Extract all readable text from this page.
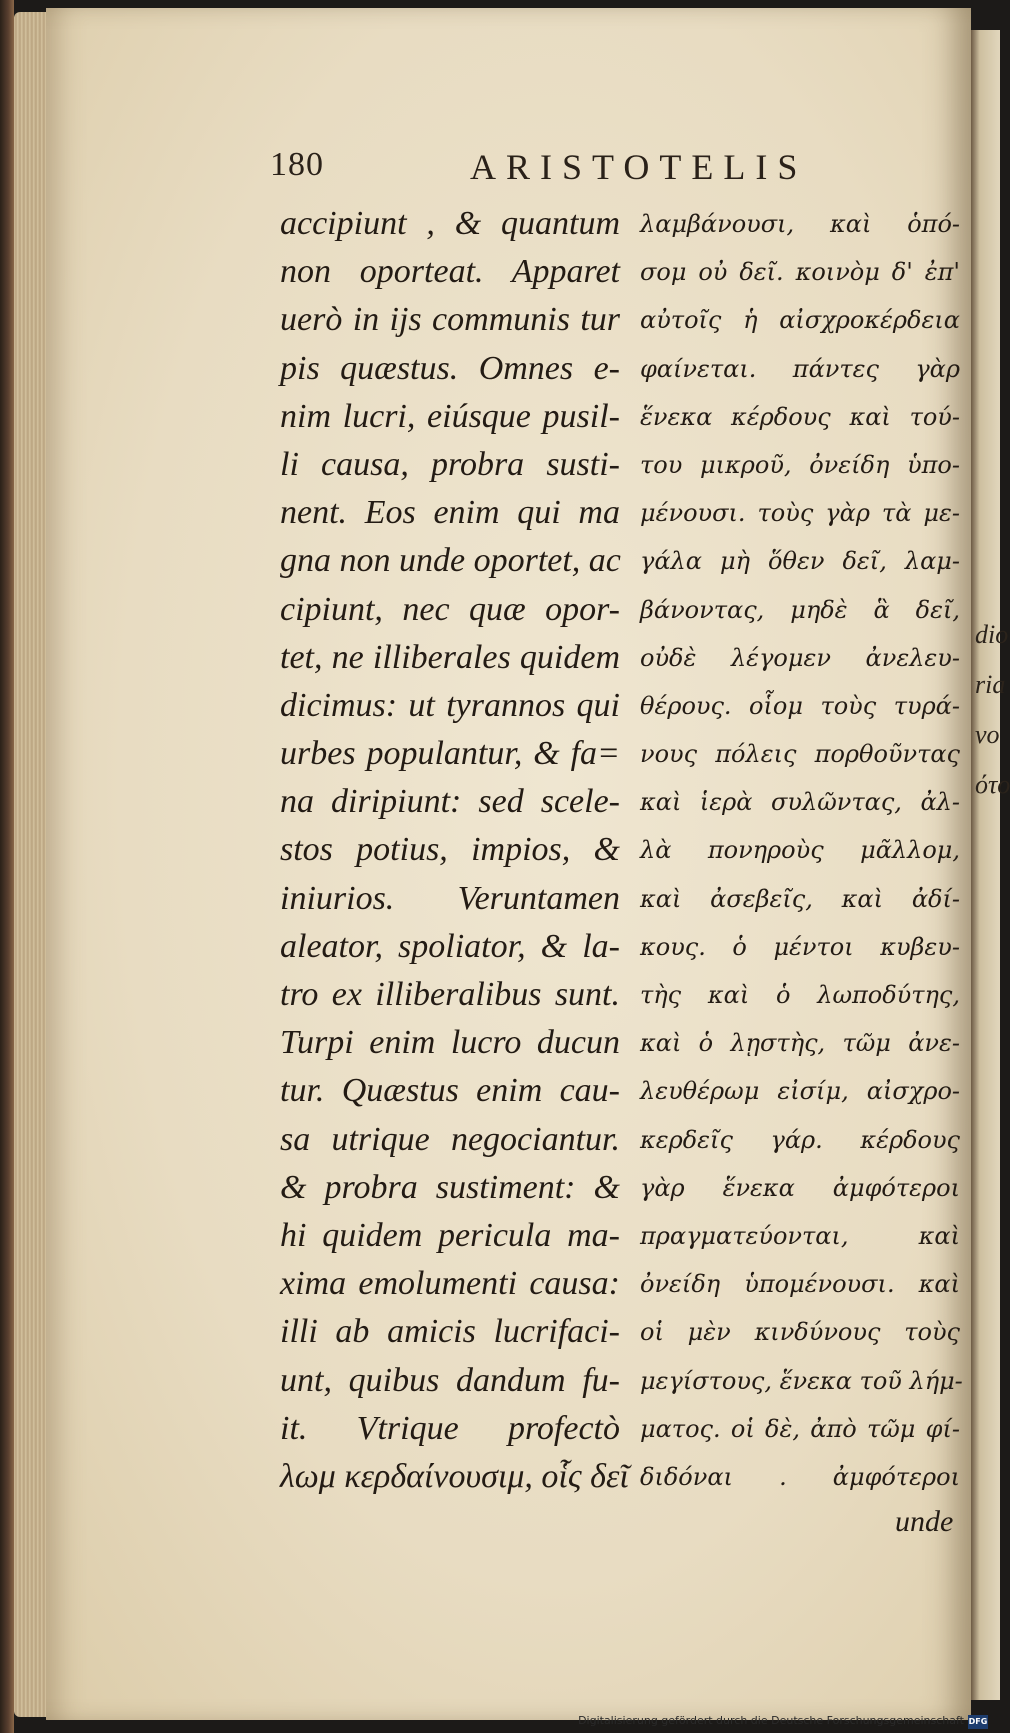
dio
ria
vo
ότο
180	ARISTOTELIS
accipiunt , & quantum
non oporteat. Apparet
uerò in ijs communis tur
pis quæstus. Omnes e-
nim lucri, eiúsque pusil-
li causa, probra susti-
nent. Eos enim qui ma
gna non unde oportet, ac
cipiunt, nec quæ opor-
tet, ne illiberales quidem
dicimus: ut tyrannos qui
urbes populantur, & fa=
na diripiunt: sed scele-
stos potius, impios, &
iniurios. Veruntamen
aleator, spoliator, & la-
tro ex illiberalibus sunt.
Turpi enim lucro ducun
tur. Quæstus enim cau-
sa utrique negociantur.
& probra sustiment: &
hi quidem pericula ma-
xima emolumenti causa:
illi ab amicis lucrifaci-
unt, quibus dandum fu-
it. Vtrique profectò
λωμ κερδαίνουσιμ, οἷς δεῖ
λαμβάνουσι, καὶ ὁπό-
σομ οὐ δεῖ. κοινὸμ δ' ἐπ'
αὐτοῖς ἡ αἰσχροκέρδεια
φαίνεται. πάντες γὰρ
ἕνεκα κέρδους καὶ τού-
του μικροῦ, ὀνείδη ὑπο-
μένουσι. τοὺς γὰρ τὰ με-
γάλα μὴ ὅθεν δεῖ, λαμ-
βάνοντας, μηδὲ ἃ δεῖ,
οὐδὲ λέγομεν ἀνελευ-
θέρους. οἷομ τοὺς τυρά-
νους πόλεις πορθοῦντας
καὶ ἱερὰ συλῶντας, ἀλ-
λὰ πονηροὺς μᾶλλομ,
καὶ ἀσεβεῖς, καὶ ἀδί-
κους. ὁ μέντοι κυβευ-
τὴς καὶ ὁ λωποδύτης,
καὶ ὁ λῃστὴς, τῶμ ἀνε-
λευθέρωμ εἰσίμ, αἰσχρο-
κερδεῖς γάρ. κέρδους
γὰρ ἕνεκα ἀμφότεροι
πραγματεύονται, καὶ
ὀνείδη ὑπομένουσι. καὶ
οἱ μὲν κινδύνους τοὺς
μεγίστους, ἕνεκα τοῦ λήμ-
ματος. οἱ δὲ, ἀπὸ τῶμ φί-
διδόναι . ἀμφότεροι
unde
Digitalisierung gefördert durch die Deutsche Forschungsgemeinschaft DFG
